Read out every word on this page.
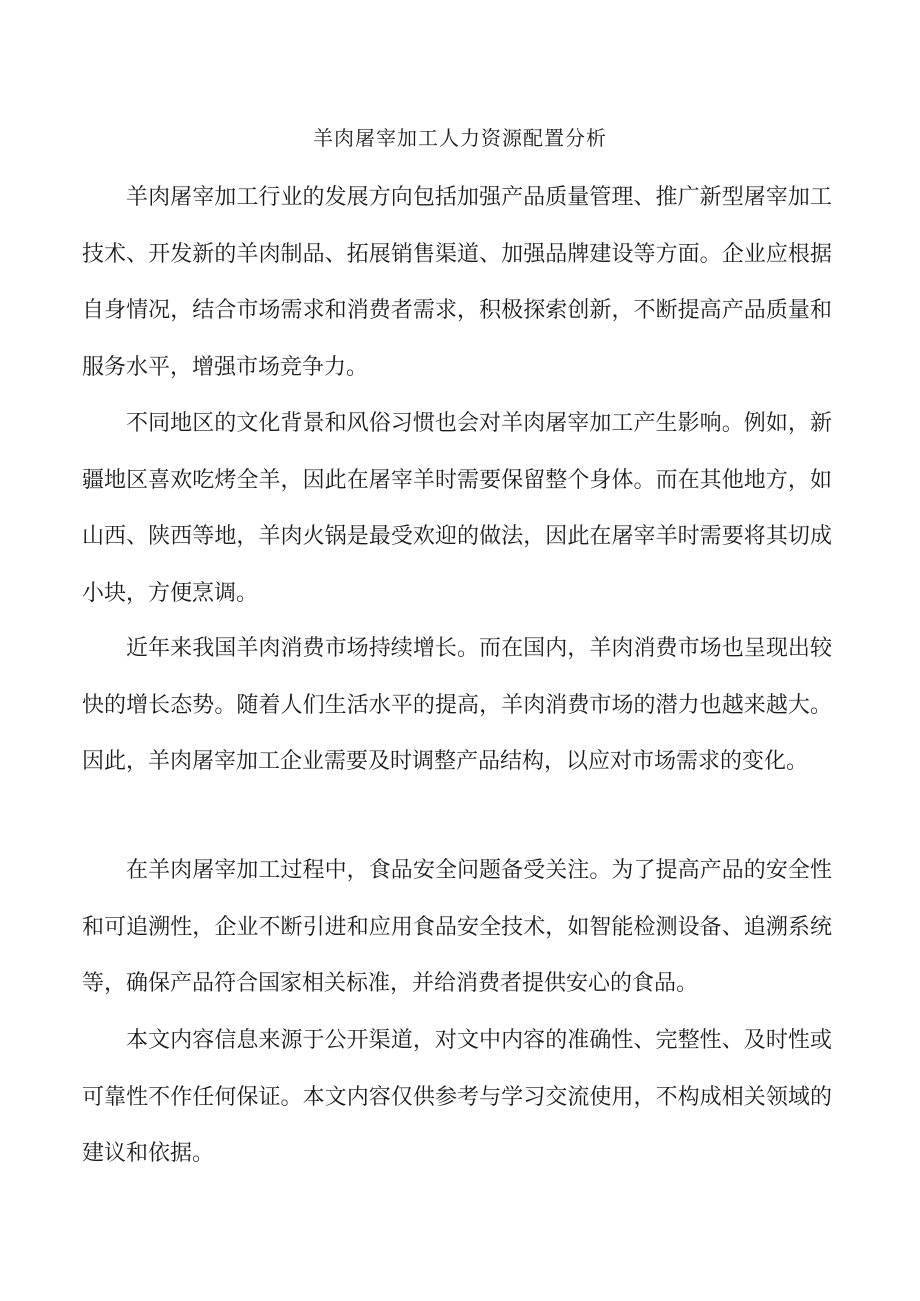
羊肉屠宰加工人力资源配置分析

羊肉屠宰加工行业的发展方向包括加强产品质量管理、推广新型屠宰加工技术、开发新的羊肉制品、拓展销售渠道、加强品牌建设等方面。企业应根据自身情况，结合市场需求和消费者需求，积极探索创新，不断提高产品质量和服务水平，增强市场竞争力。

不同地区的文化背景和风俗习惯也会对羊肉屠宰加工产生影响。例如，新疆地区喜欢吃烤全羊，因此在屠宰羊时需要保留整个身体。而在其他地方，如山西、陕西等地，羊肉火锅是最受欢迎的做法，因此在屠宰羊时需要将其切成小块，方便烹调。

近年来我国羊肉消费市场持续增长。而在国内，羊肉消费市场也呈现出较快的增长态势。随着人们生活水平的提高，羊肉消费市场的潜力也越来越大。因此，羊肉屠宰加工企业需要及时调整产品结构，以应对市场需求的变化。

在羊肉屠宰加工过程中，食品安全问题备受关注。为了提高产品的安全性和可追溯性，企业不断引进和应用食品安全技术，如智能检测设备、追溯系统等，确保产品符合国家相关标准，并给消费者提供安心的食品。

本文内容信息来源于公开渠道，对文中内容的准确性、完整性、及时性或可靠性不作任何保证。本文内容仅供参考与学习交流使用，不构成相关领域的建议和依据。
